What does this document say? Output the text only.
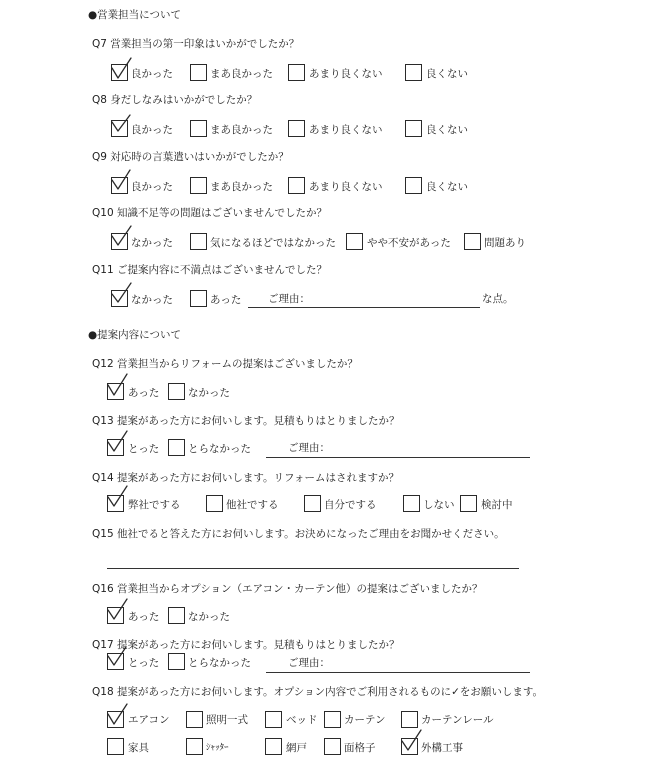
●営業担当について
Q7 営業担当の第一印象はいかがでしたか？
良かった	まあ良かった	あまり良くない	良くない
Q8 身だしなみはいかがでしたか？
良かった	まあ良かった	あまり良くない	良くない
Q9 対応時の言葉遣いはいかがでしたか？
良かった	まあ良かった	あまり良くない	良くない
Q10 知識不足等の問題はございませんでしたか？
なかった	気になるほどではなかった	やや不安があった	問題あり
Q11 ご提案内容に不満点はございませんでした？
なかった	あった	ご理由：	な点。
●提案内容について
Q12 営業担当からリフォームの提案はございましたか？
あった	なかった
Q13 提案があった方にお伺いします。見積もりはとりましたか？
とった	とらなかった	ご理由：
Q14 提案があった方にお伺いします。リフォームはされますか？
弊社でする	他社でする	自分でする	しない	検討中
Q15 他社でると答えた方にお伺いします。お決めになったご理由をお聞かせください。
Q16 営業担当からオプション（エアコン・カーテン他）の提案はございましたか？
あった	なかった
Q17 提案があった方にお伺いします。見積もりはとりましたか？
とった	とらなかった	ご理由：
Q18 提案があった方にお伺いします。オプション内容でご利用されるものに✓をお願いします。
エアコン	照明一式	ベッド	カーテン	カーテンレール
家具	ｼｬｯﾀｰ	網戸	面格子	外構工事
